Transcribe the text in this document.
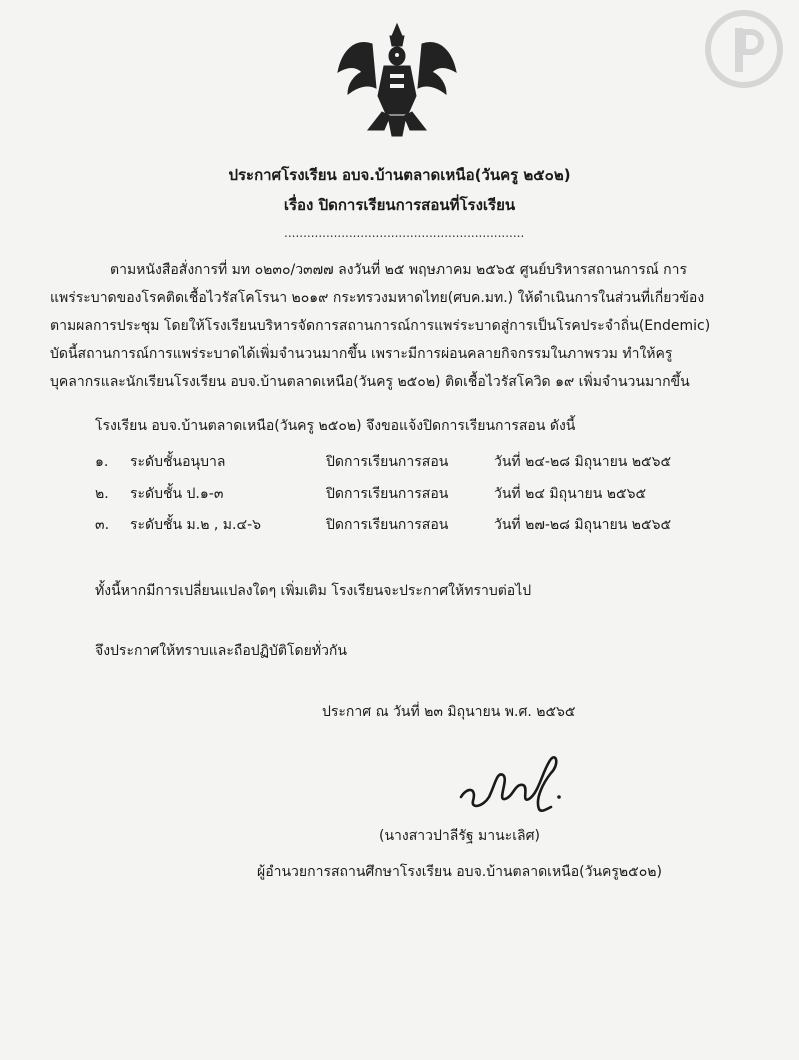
ประกาศโรงเรียน อบจ.บ้านตลาดเหนือ(วันครู ๒๕๐๒)
เรื่อง ปิดการเรียนการสอนที่โรงเรียน
...............................................................
ตามหนังสือสั่งการที่ มท ๐๒๓๐/ว๓๗๗ ลงวันที่ ๒๕ พฤษภาคม ๒๕๖๕ ศูนย์บริหารสถานการณ์ การ
แพร่ระบาดของโรคติดเชื้อไวรัสโคโรนา ๒๐๑๙ กระทรวงมหาดไทย(ศบค.มท.) ให้ดำเนินการในส่วนที่เกี่ยวข้อง
ตามผลการประชุม โดยให้โรงเรียนบริหารจัดการสถานการณ์การแพร่ระบาดสู่การเป็นโรคประจำถิ่น(Endemic)
บัดนี้สถานการณ์การแพร่ระบาดได้เพิ่มจำนวนมากขึ้น เพราะมีการผ่อนคลายกิจกรรมในภาพรวม ทำให้ครู
บุคลากรและนักเรียนโรงเรียน อบจ.บ้านตลาดเหนือ(วันครู ๒๕๐๒) ติดเชื้อไวรัสโควิด ๑๙ เพิ่มจำนวนมากขึ้น
โรงเรียน อบจ.บ้านตลาดเหนือ(วันครู ๒๕๐๒) จึงขอแจ้งปิดการเรียนการสอน ดังนี้
๑. ระดับชั้นอนุบาล	ปิดการเรียนการสอน	วันที่ ๒๔-๒๘ มิถุนายน ๒๕๖๕
๒. ระดับชั้น ป.๑-๓	ปิดการเรียนการสอน	วันที่ ๒๔ มิถุนายน ๒๕๖๕
๓. ระดับชั้น ม.๒ , ม.๔-๖	ปิดการเรียนการสอน	วันที่ ๒๗-๒๘ มิถุนายน ๒๕๖๕
ทั้งนี้หากมีการเปลี่ยนแปลงใดๆ เพิ่มเติม โรงเรียนจะประกาศให้ทราบต่อไป
จึงประกาศให้ทราบและถือปฏิบัติโดยทั่วกัน
ประกาศ ณ วันที่ ๒๓ มิถุนายน พ.ศ. ๒๕๖๕
(นางสาวปาลีรัฐ มานะเลิศ)
ผู้อำนวยการสถานศึกษาโรงเรียน อบจ.บ้านตลาดเหนือ(วันครู๒๕๐๒)
